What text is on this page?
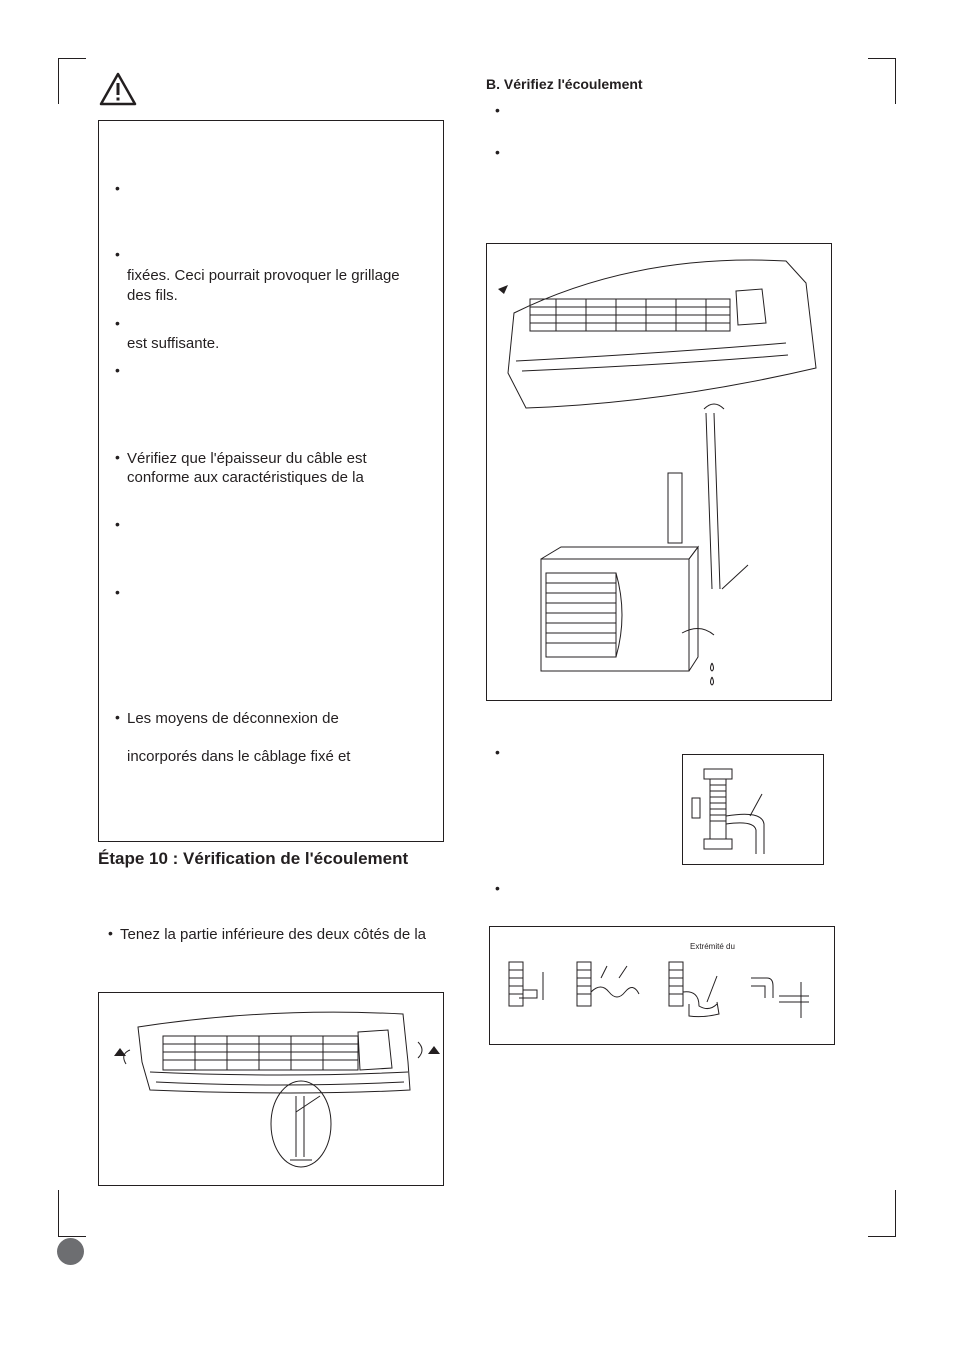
•
•
fixées. Ceci pourrait provoquer le grillage
des fils.
•
est suffisante.
•
• Vérifiez que l'épaisseur du câble est
conforme aux caractéristiques de la
•
•
• Les moyens de déconnexion de
incorporés dans le câblage fixé et
Étape 10 : Vérification de l'écoulement
• Tenez la partie inférieure des deux côtés de la
B. Vérifiez l'écoulement
•
•
•
•
Extrémité du
